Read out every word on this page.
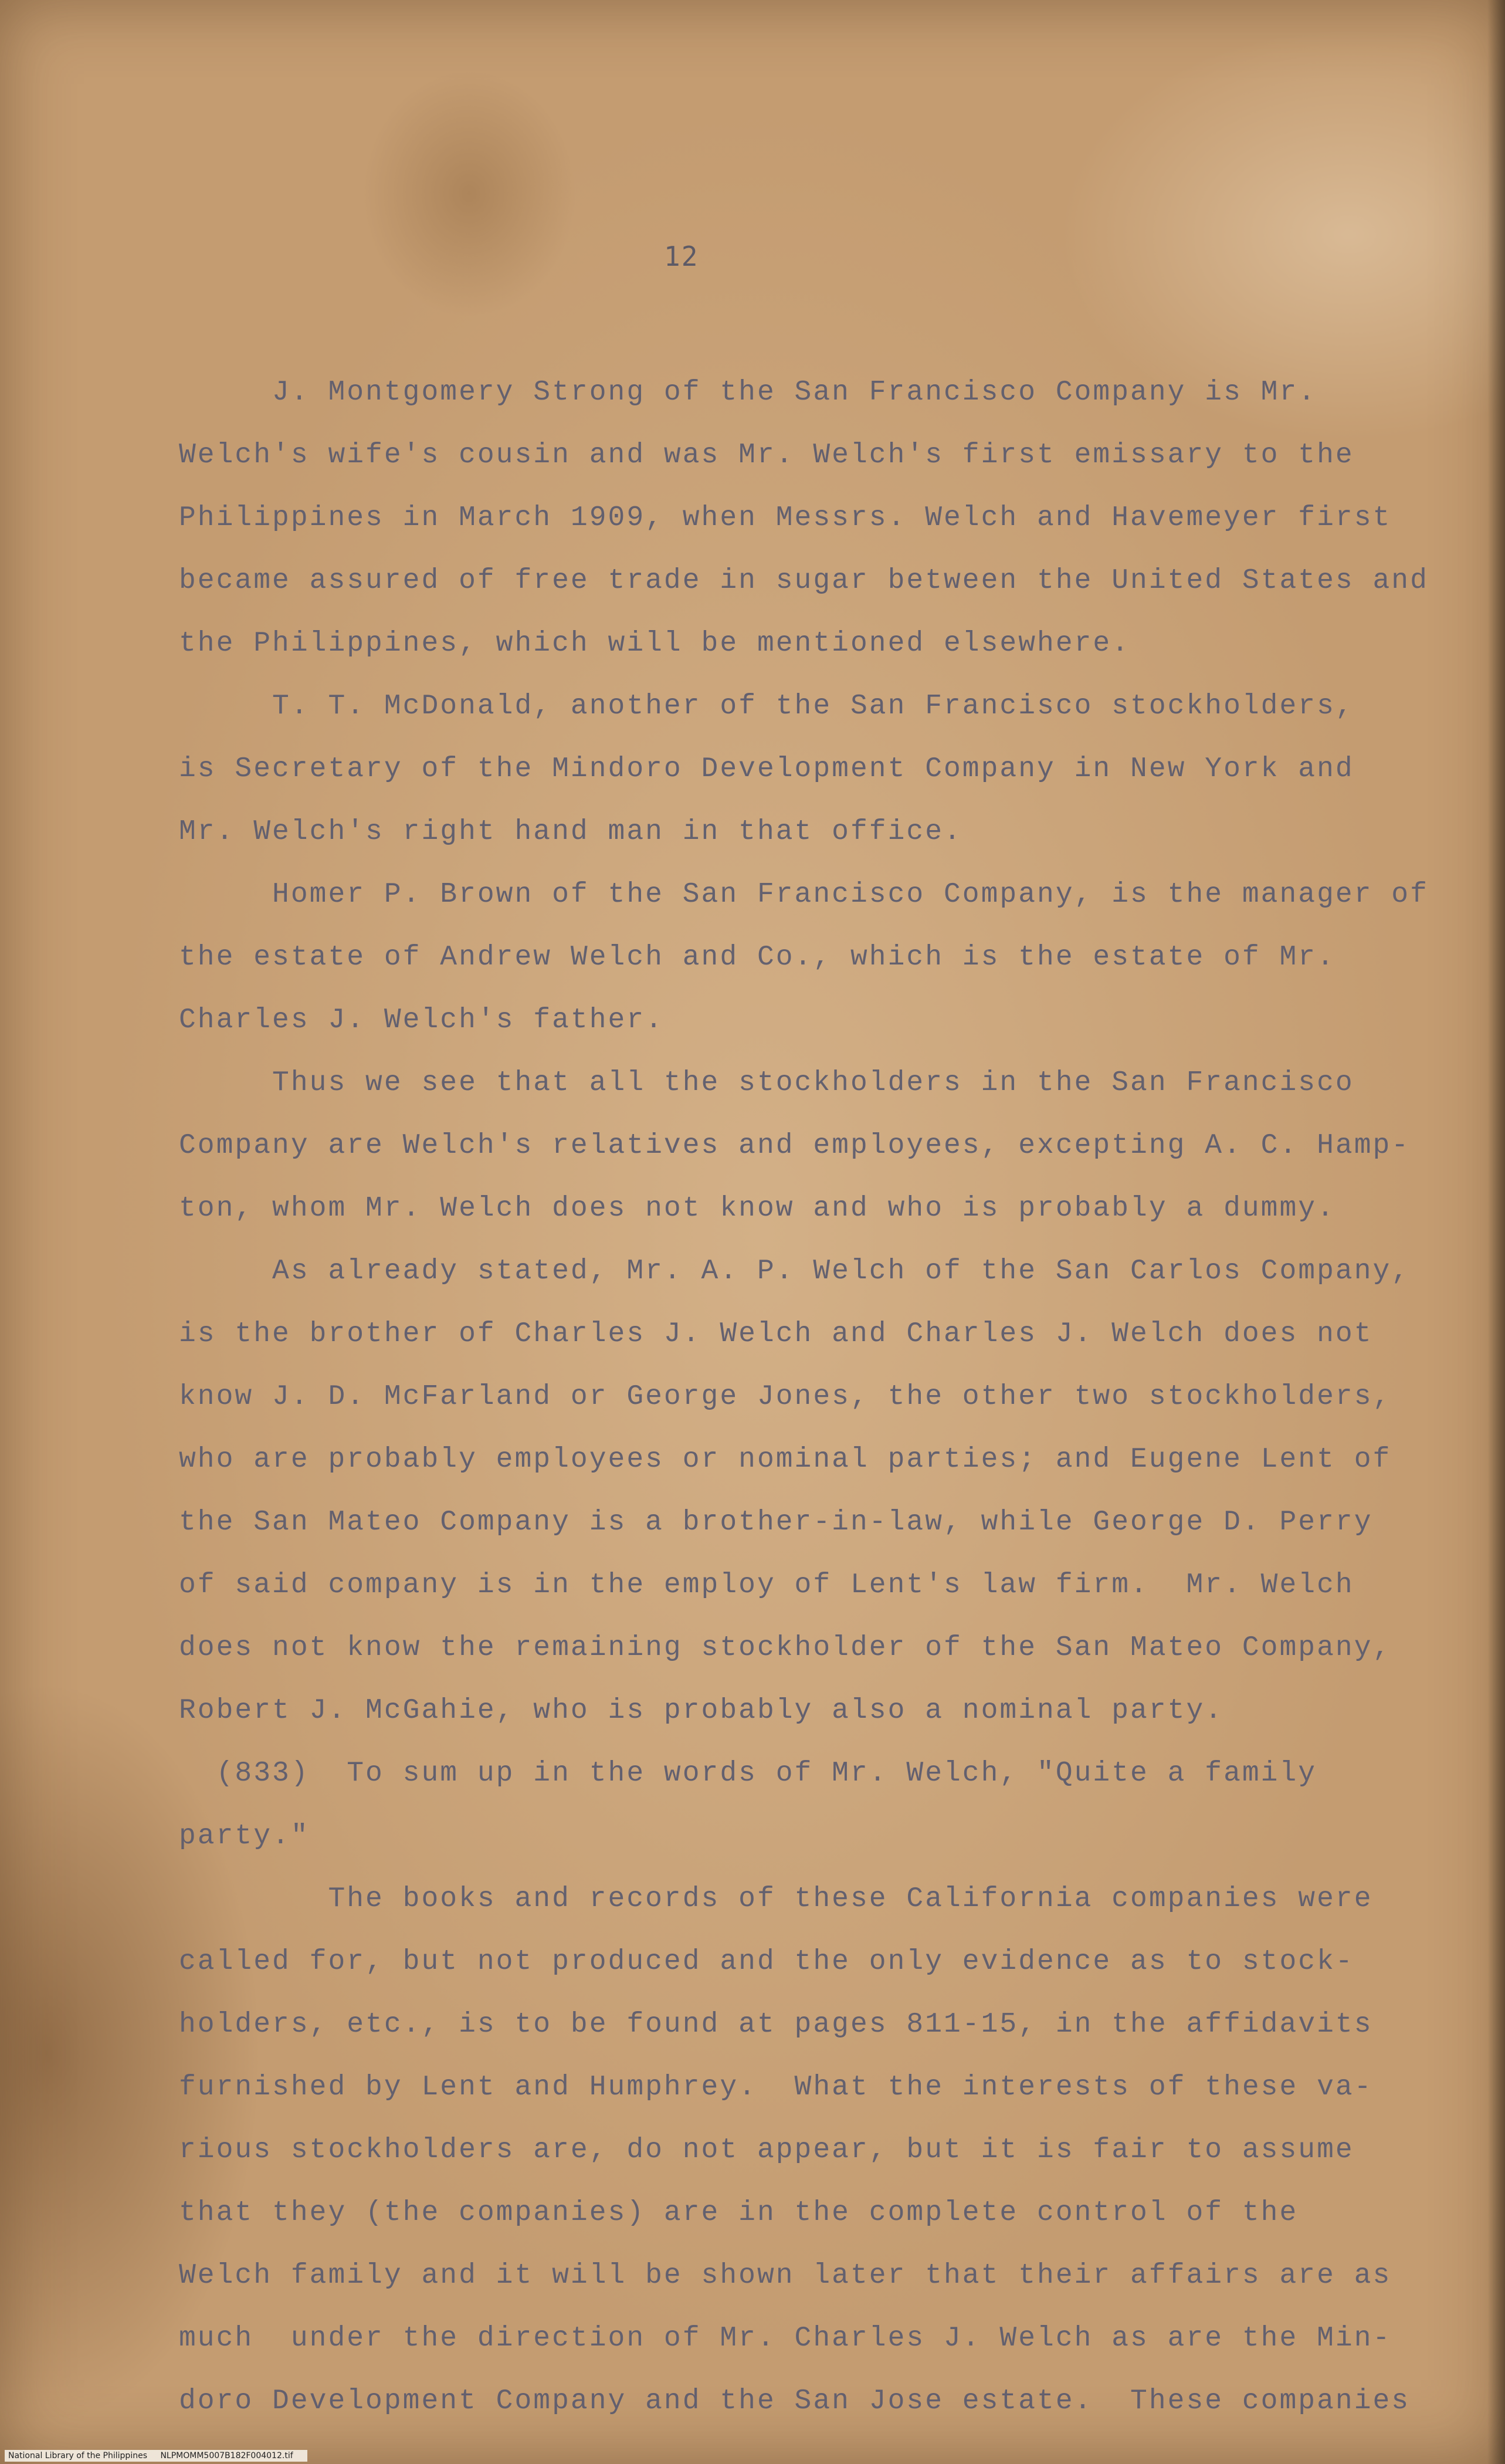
12
J. Montgomery Strong of the San Francisco Company is Mr.
Welch's wife's cousin and was Mr. Welch's first emissary to the
Philippines in March 1909, when Messrs. Welch and Havemeyer first
became assured of free trade in sugar between the United States and
the Philippines, which will be mentioned elsewhere.
T. T. McDonald, another of the San Francisco stockholders,
is Secretary of the Mindoro Development Company in New York and
Mr. Welch's right hand man in that office.
Homer P. Brown of the San Francisco Company, is the manager of
the estate of Andrew Welch and Co., which is the estate of Mr.
Charles J. Welch's father.
Thus we see that all the stockholders in the San Francisco
Company are Welch's relatives and employees, excepting A. C. Hamp-
ton, whom Mr. Welch does not know and who is probably a dummy.
As already stated, Mr. A. P. Welch of the San Carlos Company,
is the brother of Charles J. Welch and Charles J. Welch does not
know J. D. McFarland or George Jones, the other two stockholders,
who are probably employees or nominal parties; and Eugene Lent of
the San Mateo Company is a brother-in-law, while George D. Perry
of said company is in the employ of Lent's law firm.  Mr. Welch
does not know the remaining stockholder of the San Mateo Company,
Robert J. McGahie, who is probably also a nominal party.
(833)  To sum up in the words of Mr. Welch, "Quite a family
party."
The books and records of these California companies were
called for, but not produced and the only evidence as to stock-
holders, etc., is to be found at pages 811-15, in the affidavits
furnished by Lent and Humphrey.  What the interests of these va-
rious stockholders are, do not appear, but it is fair to assume
that they (the companies) are in the complete control of the
Welch family and it will be shown later that their affairs are as
much  under the direction of Mr. Charles J. Welch as are the Min-
doro Development Company and the San Jose estate.  These companies
National Library of the Philippines NLPMOMM5007B182F004012.tif
